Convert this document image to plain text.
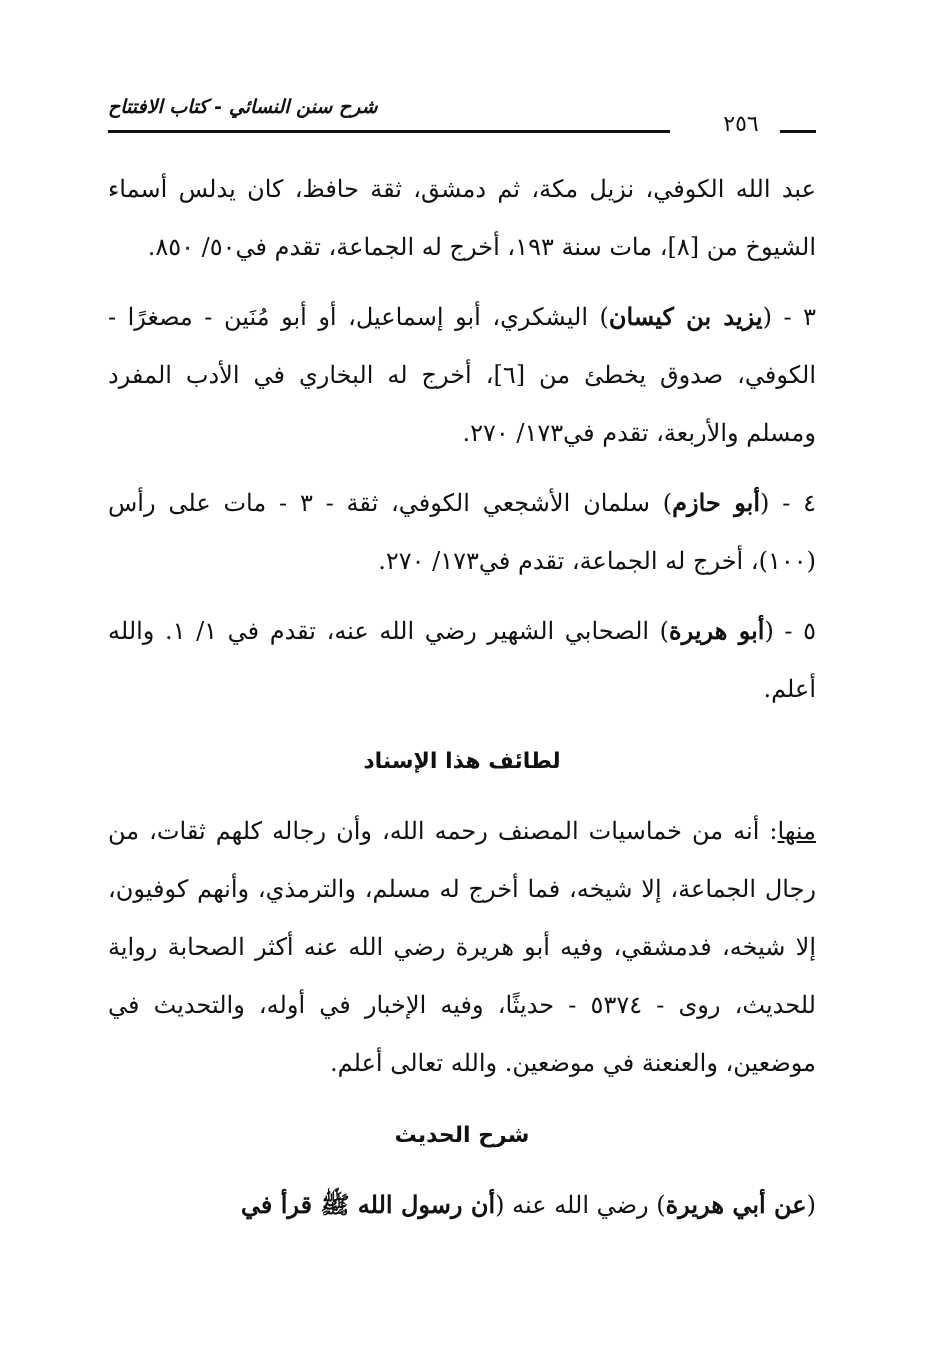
شرح سنن النسائي - كتاب الافتتاح
٢٥٦

عبد الله الكوفي، نزيل مكة، ثم دمشق، ثقة حافظ، كان يدلس أسماء الشيوخ من [٨]، مات سنة ١٩٣، أخرج له الجماعة، تقدم في٥٠/ ٨٥٠.

٣ - (يزيد بن كيسان) اليشكري، أبو إسماعيل، أو أبو مُنَين - مصغرًا - الكوفي، صدوق يخطئ من [٦]، أخرج له البخاري في الأدب المفرد ومسلم والأربعة، تقدم في١٧٣/ ٢٧٠.

٤ - (أبو حازم) سلمان الأشجعي الكوفي، ثقة - ٣ - مات على رأس (١٠٠)، أخرج له الجماعة، تقدم في١٧٣/ ٢٧٠.

٥ - (أبو هريرة) الصحابي الشهير رضي الله عنه، تقدم في ١/ ١. والله أعلم.

لطائف هذا الإسناد

منها: أنه من خماسيات المصنف رحمه الله، وأن رجاله كلهم ثقات، من رجال الجماعة، إلا شيخه، فما أخرج له مسلم، والترمذي، وأنهم كوفيون، إلا شيخه، فدمشقي، وفيه أبو هريرة رضي الله عنه أكثر الصحابة رواية للحديث، روى - ٥٣٧٤ - حديثًا، وفيه الإخبار في أوله، والتحديث في موضعين، والعنعنة في موضعين. والله تعالى أعلم.

شرح الحديث

(عن أبي هريرة) رضي الله عنه (أن رسول الله ﷺ قرأ في
